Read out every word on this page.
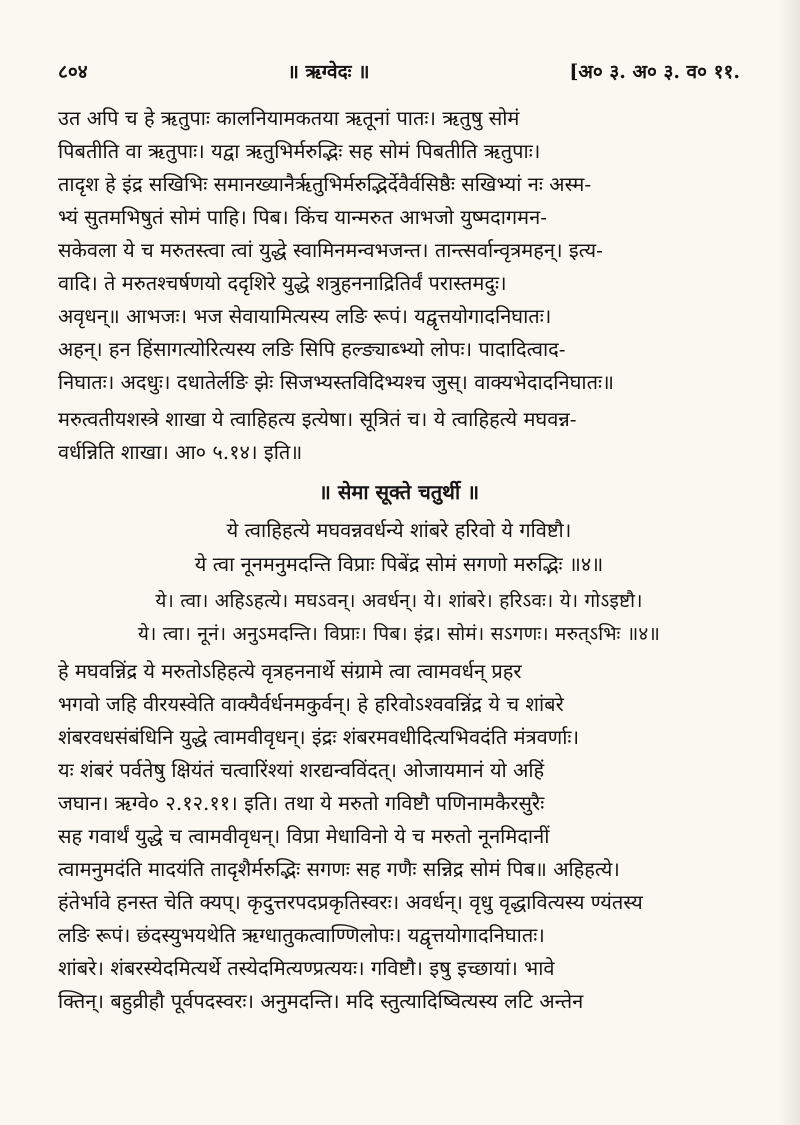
८०४	॥ ऋग्वेदः ॥	[अ० ३. अ० ३. व० ११.

उत अपि च हे ऋतुपाः कालनियामकतया ऋतूनां पातः। ऋतुषु सोमं

पिबतीति वा ऋतुपाः। यद्वा ऋतुभिर्मरुद्भिः सह सोमं पिबतीति ऋतुपाः।

तादृश हे इंद्र सखिभिः समानख्यानैर्ऋतुभिर्मरुद्भिर्देवैर्वसिष्ठैः सखिभ्यां नः अस्म-

भ्यं सुतमभिषुतं सोमं पाहि। पिब। किंच यान्मरुत आभजो युष्मदागमन-

सकेवला ये च मरुतस्त्वा त्वां युद्धे स्वामिनमन्वभजन्त। तान्त्सर्वान्वृत्रमहन्। इत्य-

वादि। ते मरुतश्चर्षणयो ददृशिरे युद्धे शत्रुहननाद्रितिर्वं परास्तमदुः।

अवृधन्॥ आभजः। भज सेवायामित्यस्य लङि रूपं। यद्वृत्तयोगादनिघातः।

अहन्। हन हिंसागत्योरित्यस्य लङि सिपि हल्ङ्याब्भ्यो लोपः। पादादित्वाद-

निघातः। अदधुः। दधातेर्लङि झेः सिजभ्यस्तविदिभ्यश्च जुस्। वाक्यभेदादनिघातः॥

मरुत्वतीयशस्त्रे शाखा ये त्वाहिहत्य इत्येषा। सूत्रितं च। ये त्वाहिहत्ये मघवन्न-

वर्धन्निति शाखा। आ० ५.१४। इति॥

॥ सेमा सूक्ते चतुर्थी ॥

ये त्वाहिहत्ये मघवन्नवर्धन्ये शांबरे हरिवो ये गविष्टौ।

ये त्वा नूनमनुमदन्ति विप्राः पिबेंद्र सोमं सगणो मरुद्भिः ॥४॥

ये। त्वा। अहिऽहत्ये। मघऽवन्। अवर्धन्। ये। शांबरे। हरिऽवः। ये। गोऽइष्टौ।

ये। त्वा। नूनं। अनुऽमदन्ति। विप्राः। पिब। इंद्र। सोमं। सऽगणः। मरुत्ऽभिः ॥४॥

हे मघवन्निंद्र ये मरुतोऽहिहत्ये वृत्रहननार्थे संग्रामे त्वा त्वामवर्धन् प्रहर

भगवो जहि वीरयस्वेति वाक्यैर्वर्धनमकुर्वन्। हे हरिवोऽश्ववन्निंद्र ये च शांबरे

शंबरवधसंबंधिनि युद्धे त्वामवीवृधन्। इंद्रः शंबरमवधीदित्यभिवदंति मंत्रवर्णाः।

यः शंबरं पर्वतेषु क्षियंतं चत्वारिंश्यां शरद्यन्वविंदत्। ओजायमानं यो अहिं

जघान। ऋग्वे० २.१२.११। इति। तथा ये मरुतो गविष्टौ पणिनामकैरसुरैः

सह गवार्थं युद्धे च त्वामवीवृधन्। विप्रा मेधाविनो ये च मरुतो नूनमिदानीं

त्वामनुमदंति मादयंति तादृशैर्मरुद्भिः सगणः सह गणैः सन्निद्र सोमं पिब॥ अहिहत्ये।

हंतेर्भावे हनस्त चेति क्यप्। कृदुत्तरपदप्रकृतिस्वरः। अवर्धन्। वृधु वृद्धावित्यस्य ण्यंतस्य

लङि रूपं। छंदस्युभयथेति ऋग्धातुकत्वाण्णिलोपः। यद्वृत्तयोगादनिघातः।

शांबरे। शंबरस्येदमित्यर्थे तस्येदमित्यण्प्रत्ययः। गविष्टौ। इषु इच्छायां। भावे

क्तिन्। बहुव्रीहौ पूर्वपदस्वरः। अनुमदन्ति। मदि स्तुत्यादिष्वित्यस्य लटि अन्तेन
